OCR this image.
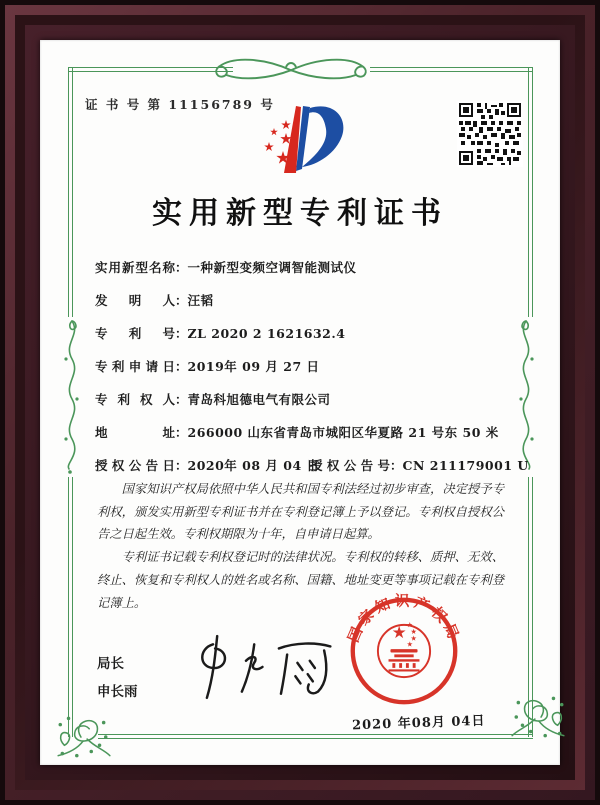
证 书 号 第 11156789 号
实用新型专利证书
实用新型名称：一种新型变频空调智能测试仪
发明人：汪韬
专利号：ZL 2020 2 1621632.4
专利申请日：2019年 09 月 27 日
专利权人：青岛科旭德电气有限公司
地址：266000 山东省青岛市城阳区华夏路 21 号东 50 米
授权公告日：2020年 08 月 04 日
授权公告号：CN 211179001 U

国家知识产权局依照中华人民共和国专利法经过初步审查，决定授予专利权，颁发实用新型专利证书并在专利登记簿上予以登记。专利权自授权公告之日起生效。专利权期限为十年，自申请日起算。

专利证书记载专利权登记时的法律状况。专利权的转移、质押、无效、终止、恢复和专利权人的姓名或名称、国籍、地址变更等事项记载在专利登记簿上。

局长
申长雨
国家知识产权局
2020 年08月 04日
